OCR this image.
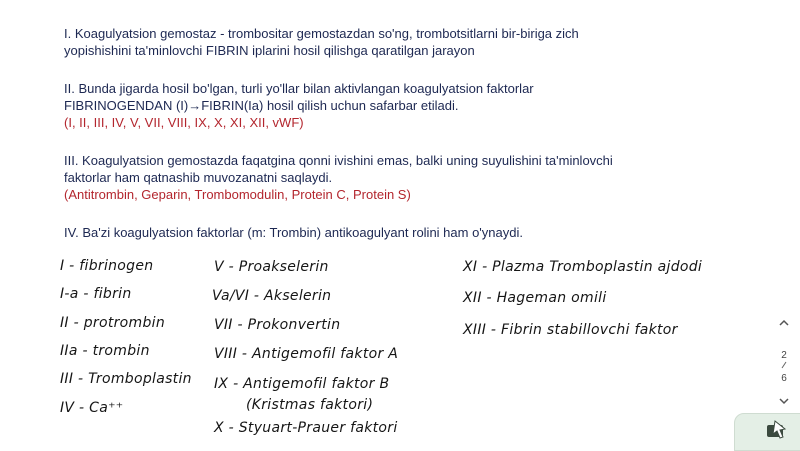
I. Koagulyatsion gemostaz - trombositar gemostazdan so'ng, trombotsitlarni bir-biriga zich
yopishishini ta'minlovchi FIBRIN iplarini hosil qilishga qaratilgan jarayon
II. Bunda jigarda hosil bo'lgan, turli yo'llar bilan aktivlangan koagulyatsion faktorlar
FIBRINOGENDAN (I)→FIBRIN(Ia) hosil qilish uchun safarbar etiladi.
(I, II, III, IV, V, VII, VIII, IX, X, XI, XII, vWF)
III. Koagulyatsion gemostazda faqatgina qonni ivishini emas, balki uning suyulishini ta'minlovchi
faktorlar ham qatnashib muvozanatni saqlaydi.
(Antitrombin, Geparin, Trombomodulin, Protein C, Protein S)
IV. Ba'zi koagulyatsion faktorlar (m: Trombin) antikoagulyant rolini ham o'ynaydi.
I - fibrinogen
I-a - fibrin
II - protrombin
IIa - trombin
III - Tromboplastin
IV - Ca⁺⁺
V - Proakselerin
Va/VI - Akselerin
VII - Prokonvertin
VIII - Antigemofil faktor A
IX - Antigemofil faktor B
(Kristmas faktori)
X - Styuart-Prauer faktori
XI - Plazma Tromboplastin ajdodi
XII - Hageman omili
XIII - Fibrin stabillovchi faktor
2
6
